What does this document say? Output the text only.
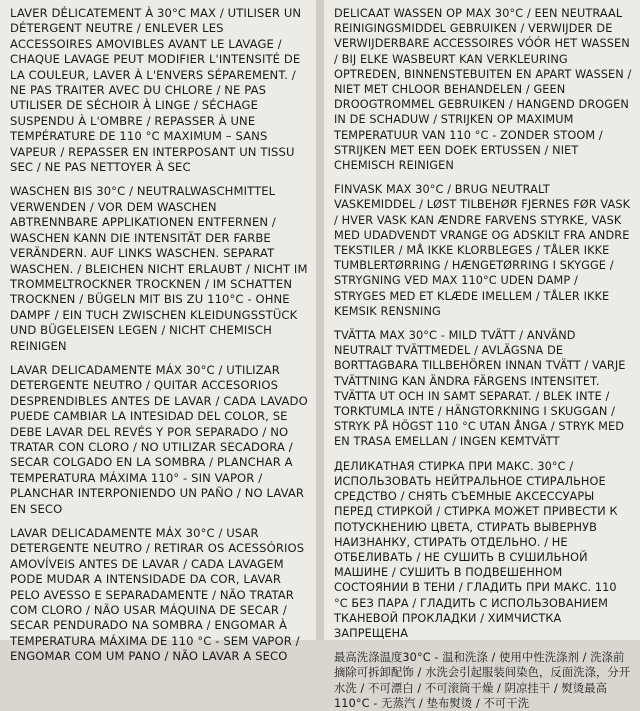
LAVER DÉLICATEMENT À 30°C MAX / UTILISER UN DÉTERGENT NEUTRE / ENLEVER LES ACCESSOIRES AMOVIBLES AVANT LE LAVAGE / CHAQUE LAVAGE PEUT MODIFIER L'INTENSITÉ DE LA COULEUR, LAVER À L'ENVERS SÉPAREMENT. / NE PAS TRAITER AVEC DU CHLORE / NE PAS UTILISER DE SÉCHOIR À LINGE / SÉCHAGE SUSPENDU À L'OMBRE / REPASSER À UNE TEMPÉRATURE DE 110 °C MAXIMUM – SANS VAPEUR / REPASSER EN INTERPOSANT UN TISSU SEC / NE PAS NETTOYER À SEC

WASCHEN BIS 30°C / NEUTRALWASCHMITTEL VERWENDEN / VOR DEM WASCHEN ABTRENNBARE APPLIKATIONEN ENTFERNEN / WASCHEN KANN DIE INTENSITÄT DER FARBE VERÄNDERN. AUF LINKS WASCHEN. SEPARAT WASCHEN. / BLEICHEN NICHT ERLAUBT / NICHT IM TROMMELTROCKNER TROCKNEN / IM SCHATTEN TROCKNEN / BÜGELN MIT BIS ZU 110°C - OHNE DAMPF / EIN TUCH ZWISCHEN KLEIDUNGSSTÜCK UND BÜGELEISEN LEGEN / NICHT CHEMISCH REINIGEN

LAVAR DELICADAMENTE MÁX 30°C / UTILIZAR DETERGENTE NEUTRO / QUITAR ACCESORIOS DESPRENDIBLES ANTES DE LAVAR / CADA LAVADO PUEDE CAMBIAR LA INTESIDAD DEL COLOR, SE DEBE LAVAR DEL REVÉS Y POR SEPARADO / NO TRATAR CON CLORO / NO UTILIZAR SECADORA / SECAR COLGADO EN LA SOMBRA / PLANCHAR A TEMPERATURA MÁXIMA 110° - SIN VAPOR / PLANCHAR INTERPONIENDO UN PAÑO / NO LAVAR EN SECO

LAVAR DELICADAMENTE MÁX 30°C / USAR DETERGENTE NEUTRO / RETIRAR OS ACESSÓRIOS AMOVÍVEIS ANTES DE LAVAR / CADA LAVAGEM PODE MUDAR A INTENSIDADE DA COR, LAVAR PELO AVESSO E SEPARADAMENTE / NÃO TRATAR COM CLORO / NÃO USAR MÁQUINA DE SECAR / SECAR PENDURADO NA SOMBRA / ENGOMAR À TEMPERATURA MÁXIMA DE 110 °C - SEM VAPOR / ENGOMAR COM UM PANO / NÃO LAVAR A SECO

DELICAAT WASSEN OP MAX 30°C / EEN NEUTRAAL REINIGINGSMIDDEL GEBRUIKEN / VERWIJDER DE VERWIJDERBARE ACCESSOIRES VÓÓR HET WASSEN / BIJ ELKE WASBEURT KAN VERKLEURING OPTREDEN, BINNENSTEBUITEN EN APART WASSEN / NIET MET CHLOOR BEHANDELEN / GEEN DROOGTROMMEL GEBRUIKEN / HANGEND DROGEN IN DE SCHADUW / STRIJKEN OP MAXIMUM TEMPERATUUR VAN 110 °C - ZONDER STOOM / STRIJKEN MET EEN DOEK ERTUSSEN / NIET CHEMISCH REINIGEN

FINVASK MAX 30°C / BRUG NEUTRALT VASKEMIDDEL / LØST TILBEHØR FJERNES FØR VASK / HVER VASK KAN ÆNDRE FARVENS STYRKE, VASK MED UDADVENDT VRANGE OG ADSKILT FRA ANDRE TEKSTILER / MÅ IKKE KLORBLEGES / TÅLER IKKE TUMBLERTØRRING / HÆNGETØRRING I SKYGGE / STRYGNING VED MAX 110°C UDEN DAMP / STRYGES MED ET KLÆDE IMELLEM / TÅLER IKKE KEMSIK RENSNING

TVÄTTA MAX 30°C - MILD TVÄTT / ANVÄND NEUTRALT TVÄTTMEDEL / AVLÄGSNA DE BORTTAGBARA TILLBEHÖREN INNAN TVÄTT / VARJE TVÄTTNING KAN ÄNDRA FÄRGENS INTENSITET. TVÄTTA UT OCH IN SAMT SEPARAT. / BLEK INTE / TORKTUMLA INTE / HÄNGTORKNING I SKUGGAN / STRYK PÅ HÖGST 110 °C UTAN ÅNGA / STRYK MED EN TRASA EMELLAN / INGEN KEMTVÄTT

ДЕЛИКАТНАЯ СТИРКА ПРИ МАКС. 30°C / ИСПОЛЬЗОВАТЬ НЕЙТРАЛЬНОЕ СТИРАЛЬНОЕ СРЕДСТВО / СНЯТЬ СЪЕМНЫЕ АКСЕССУАРЫ ПЕРЕД СТИРКОЙ / СТИРКА МОЖЕТ ПРИВЕСТИ К ПОТУСКНЕНИЮ ЦВЕТА, СТИРАТЬ ВЫВЕРНУВ НАИЗНАНКУ, СТИРАТЬ ОТДЕЛЬНО. / НЕ ОТБЕЛИВАТЬ / НЕ СУШИТЬ В СУШИЛЬНОЙ МАШИНЕ / СУШИТЬ В ПОДВЕШЕННОМ СОСТОЯНИИ В ТЕНИ / ГЛАДИТЬ ПРИ МАКС. 110 °C БЕЗ ПАРА / ГЛАДИТЬ С ИСПОЛЬЗОВАНИЕМ ТКАНЕВОЙ ПРОКЛАДКИ / ХИМЧИСТКА ЗАПРЕЩЕНА

最高洗涤温度30°C - 温和洗涤 / 使用中性洗涤剂 / 洗涤前摘除可拆卸配饰 / 水洗会引起服装间染色，反面洗涤，分开水洗 / 不可漂白 / 不可滚筒干燥 / 阴凉挂干 / 熨烫最高110°C - 无蒸汽 / 垫布熨烫 / 不可干洗
